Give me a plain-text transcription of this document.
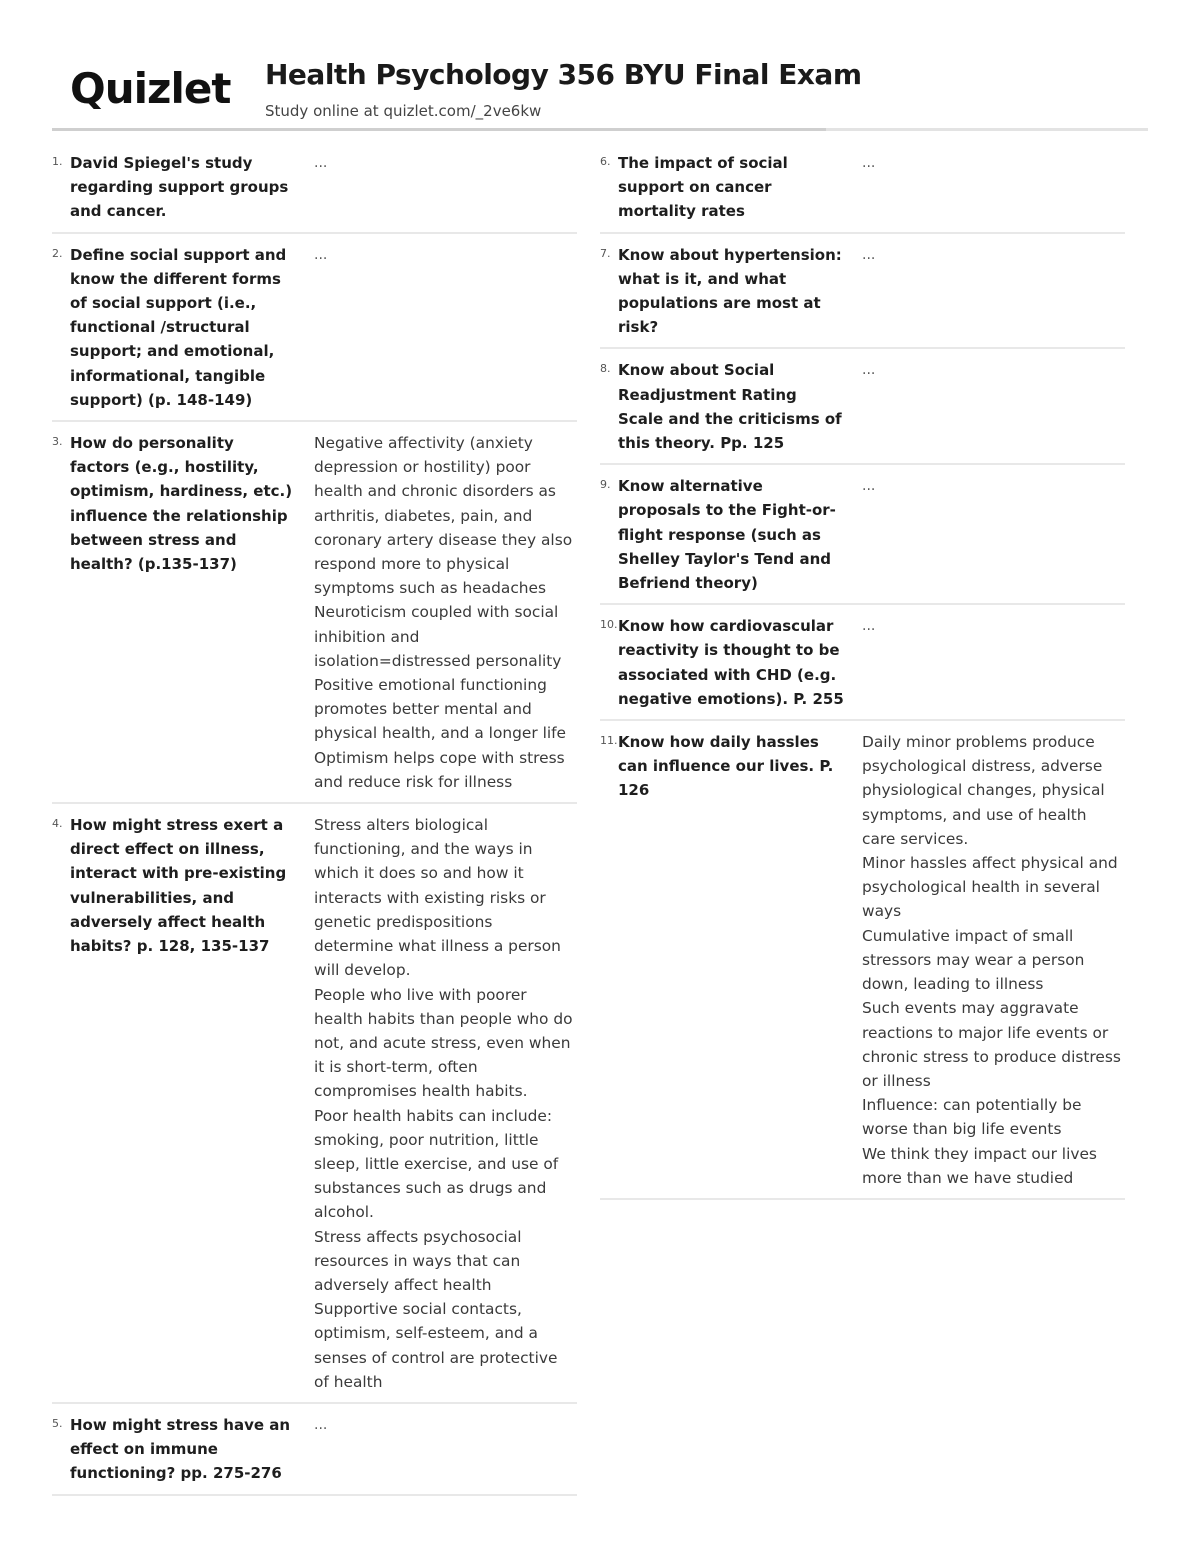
Quizlet Health Psychology 356 BYU Final Exam
Study online at quizlet.com/_2ve6kw
1. David Spiegel's study regarding support groups and cancer.
...
2. Define social support and know the different forms of social support (i.e., functional /structural support; and emotional, informational, tangible support) (p. 148-149)
...
3. How do personality factors (e.g., hostility, optimism, hardiness, etc.) influence the relationship between stress and health? (p.135-137)
Negative affectivity (anxiety depression or hostility) poor health and chronic disorders as arthritis, diabetes, pain, and coronary artery disease they also respond more to physical symptoms such as headaches
Neuroticism coupled with social inhibition and isolation=distressed personality
Positive emotional functioning promotes better mental and physical health, and a longer life
Optimism helps cope with stress and reduce risk for illness
4. How might stress exert a direct effect on illness, interact with pre-existing vulnerabilities, and adversely affect health habits? p. 128, 135-137
Stress alters biological functioning, and the ways in which it does so and how it interacts with existing risks or genetic predispositions determine what illness a person will develop.
People who live with poorer health habits than people who do not, and acute stress, even when it is short-term, often compromises health habits.
Poor health habits can include: smoking, poor nutrition, little sleep, little exercise, and use of substances such as drugs and alcohol.
Stress affects psychosocial resources in ways that can adversely affect health
Supportive social contacts, optimism, self-esteem, and a senses of control are protective of health
5. How might stress have an effect on immune functioning? pp. 275-276
...
6. The impact of social support on cancer mortality rates
...
7. Know about hypertension: what is it, and what populations are most at risk?
...
8. Know about Social Readjustment Rating Scale and the criticisms of this theory. Pp. 125
...
9. Know alternative proposals to the Fight-or-flight response (such as Shelley Taylor's Tend and Befriend theory)
...
10. Know how cardiovascular reactivity is thought to be associated with CHD (e.g. negative emotions). P. 255
...
11. Know how daily hassles can influence our lives. P. 126
Daily minor problems produce psychological distress, adverse physiological changes, physical symptoms, and use of health care services.
Minor hassles affect physical and psychological health in several ways
Cumulative impact of small stressors may wear a person down, leading to illness
Such events may aggravate reactions to major life events or chronic stress to produce distress or illness
Influence: can potentially be worse than big life events
We think they impact our lives more than we have studied
